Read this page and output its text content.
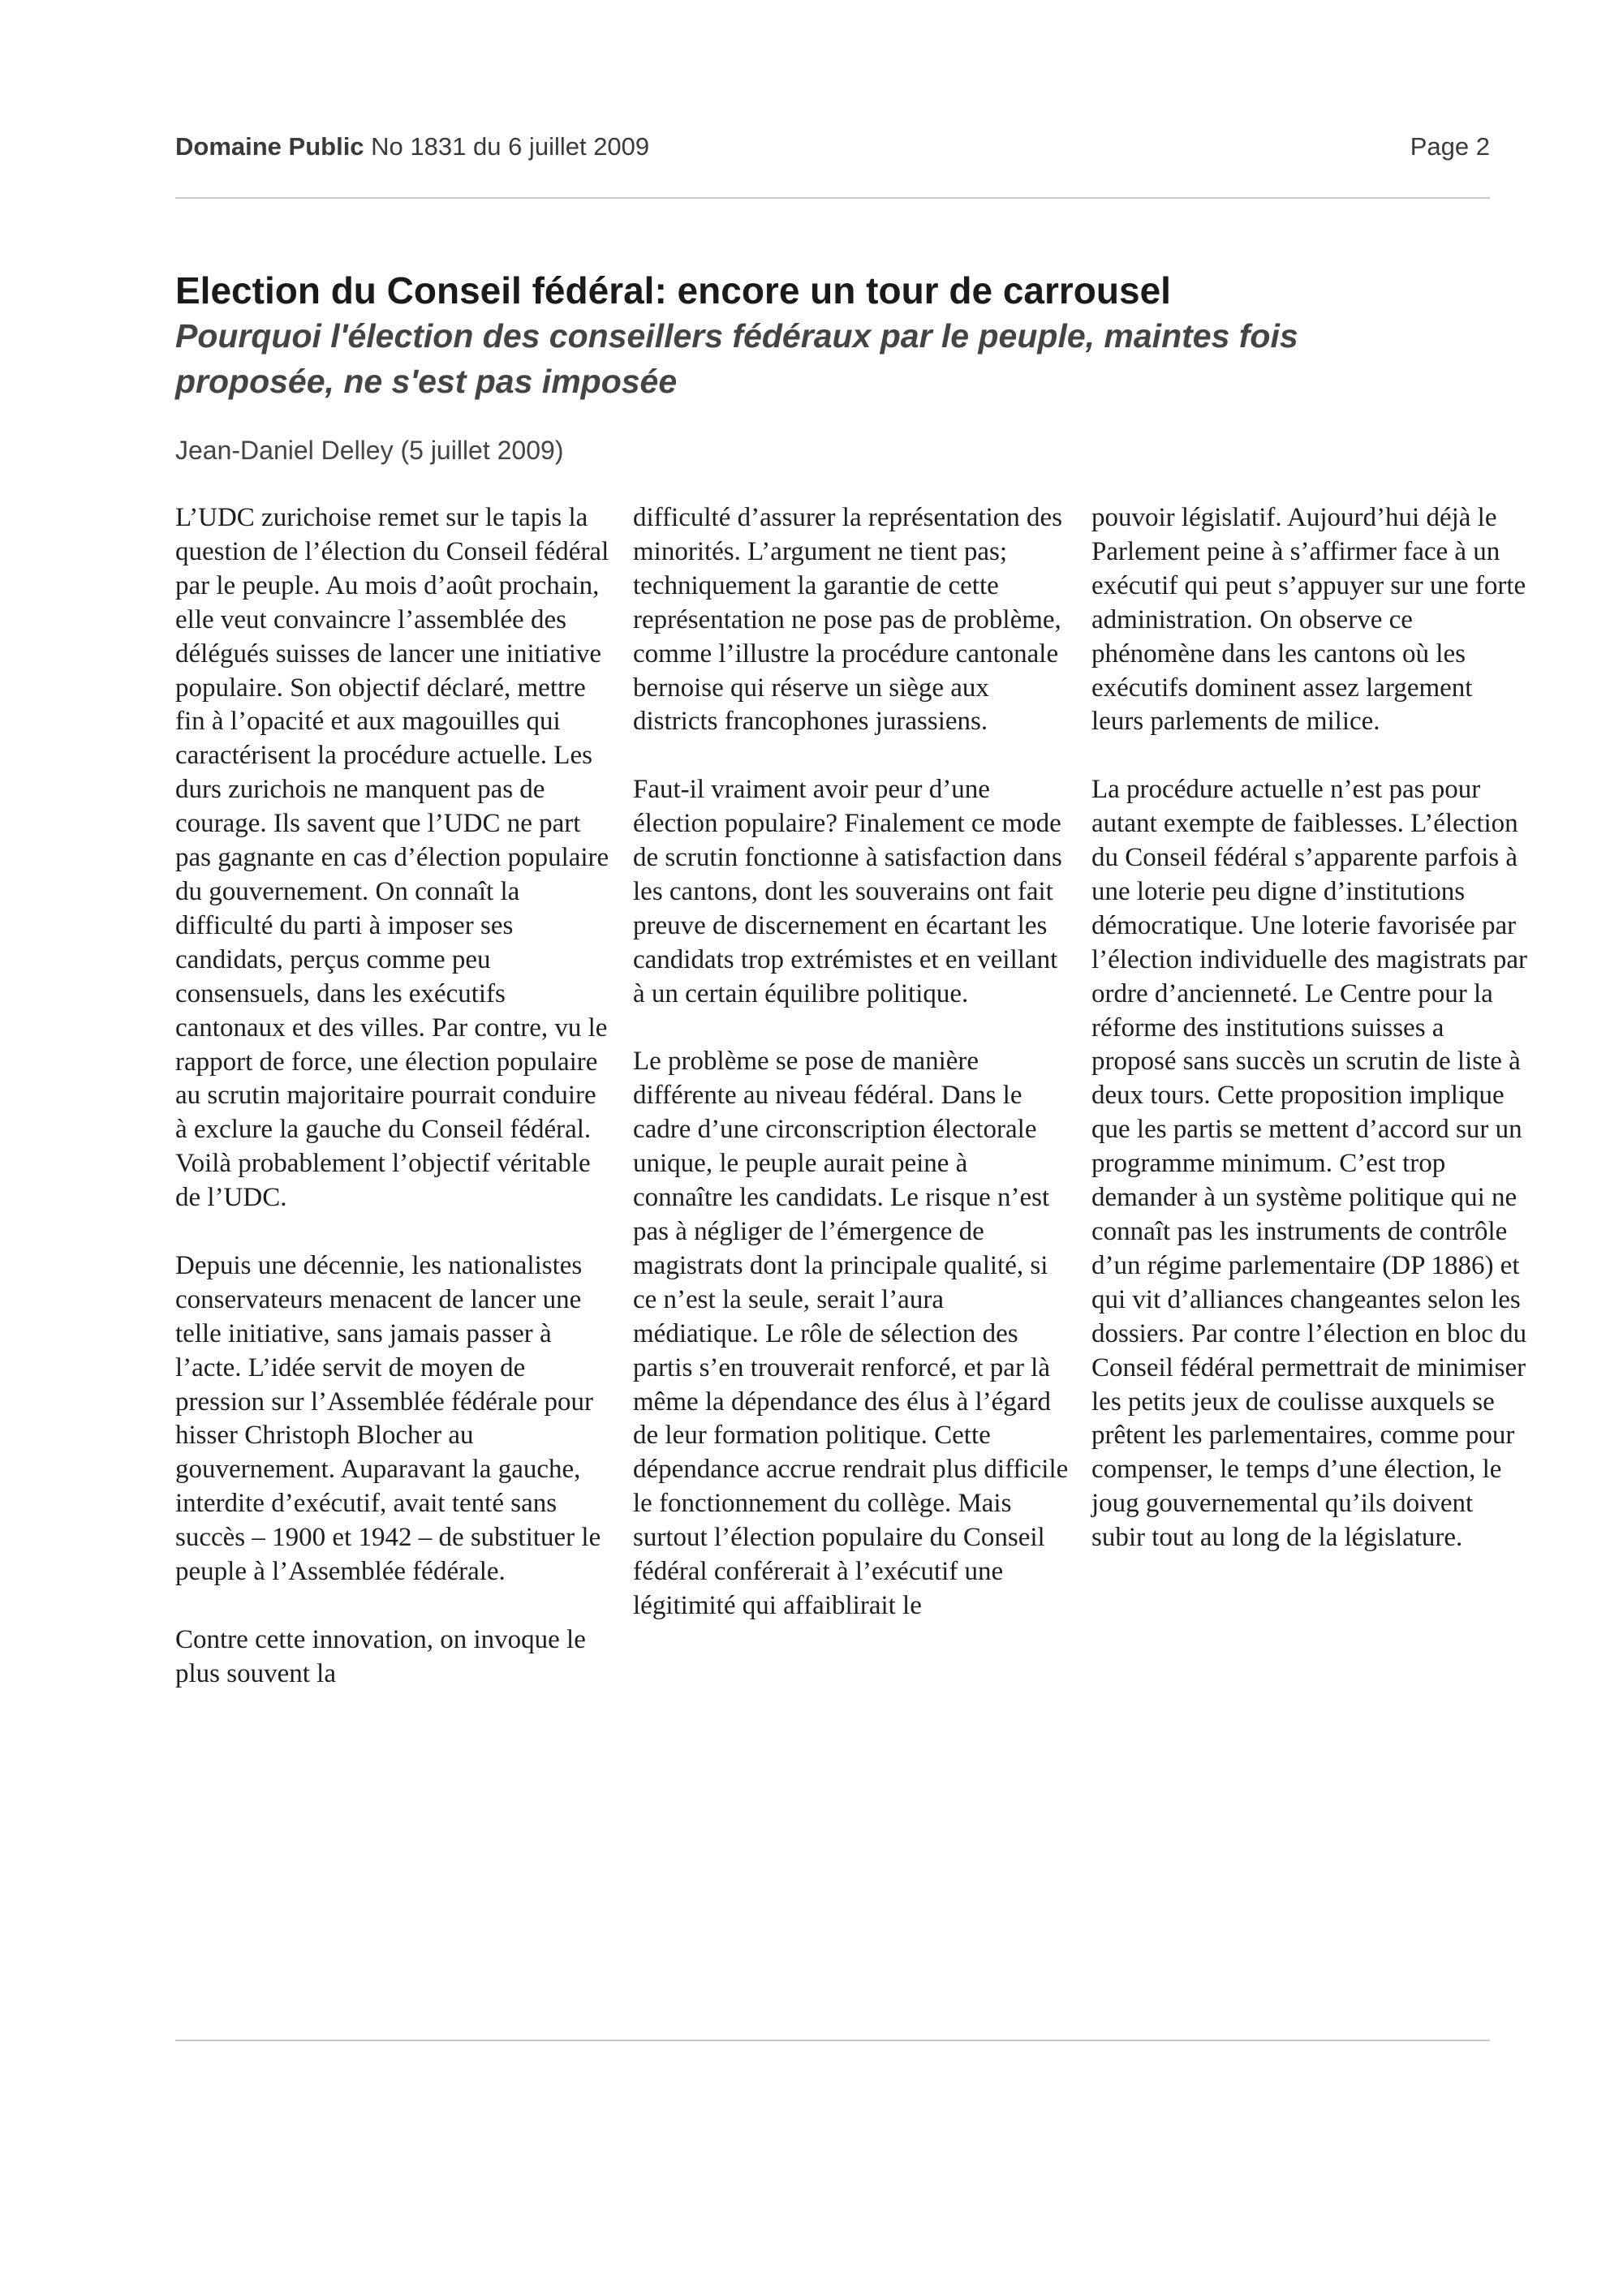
Domaine Public No 1831 du 6 juillet 2009	Page 2
Election du Conseil fédéral: encore un tour de carrousel
Pourquoi l'élection des conseillers fédéraux par le peuple, maintes fois proposée, ne s'est pas imposée
Jean-Daniel Delley (5 juillet 2009)

L’UDC zurichoise remet sur le tapis la question de l’élection du Conseil fédéral par le peuple. Au mois d’août prochain, elle veut convaincre l’assemblée des délégués suisses de lancer une initiative populaire. Son objectif déclaré, mettre fin à l’opacité et aux magouilles qui caractérisent la procédure actuelle. Les durs zurichois ne manquent pas de courage. Ils savent que l’UDC ne part pas gagnante en cas d’élection populaire du gouvernement. On connaît la difficulté du parti à imposer ses candidats, perçus comme peu consensuels, dans les exécutifs cantonaux et des villes. Par contre, vu le rapport de force, une élection populaire au scrutin majoritaire pourrait conduire à exclure la gauche du Conseil fédéral. Voilà probablement l’objectif véritable de l’UDC.

Depuis une décennie, les nationalistes conservateurs menacent de lancer une telle initiative, sans jamais passer à l’acte. L’idée servit de moyen de pression sur l’Assemblée fédérale pour hisser Christoph Blocher au gouvernement. Auparavant la gauche, interdite d’exécutif, avait tenté sans succès – 1900 et 1942 – de substituer le peuple à l’Assemblée fédérale.

Contre cette innovation, on invoque le plus souvent la

difficulté d’assurer la représentation des minorités. L’argument ne tient pas; techniquement la garantie de cette représentation ne pose pas de problème, comme l’illustre la procédure cantonale bernoise qui réserve un siège aux districts francophones jurassiens.

Faut-il vraiment avoir peur d’une élection populaire? Finalement ce mode de scrutin fonctionne à satisfaction dans les cantons, dont les souverains ont fait preuve de discernement en écartant les candidats trop extrémistes et en veillant à un certain équilibre politique.

Le problème se pose de manière différente au niveau fédéral. Dans le cadre d’une circonscription électorale unique, le peuple aurait peine à connaître les candidats. Le risque n’est pas à négliger de l’émergence de magistrats dont la principale qualité, si ce n’est la seule, serait l’aura médiatique. Le rôle de sélection des partis s’en trouverait renforcé, et par là même la dépendance des élus à l’égard de leur formation politique. Cette dépendance accrue rendrait plus difficile le fonctionnement du collège. Mais surtout l’élection populaire du Conseil fédéral conférerait à l’exécutif une légitimité qui affaiblirait le

pouvoir législatif. Aujourd’hui déjà le Parlement peine à s’affirmer face à un exécutif qui peut s’appuyer sur une forte administration. On observe ce phénomène dans les cantons où les exécutifs dominent assez largement leurs parlements de milice.

La procédure actuelle n’est pas pour autant exempte de faiblesses. L’élection du Conseil fédéral s’apparente parfois à une loterie peu digne d’institutions démocratique. Une loterie favorisée par l’élection individuelle des magistrats par ordre d’ancienneté. Le Centre pour la réforme des institutions suisses a proposé sans succès un scrutin de liste à deux tours. Cette proposition implique que les partis se mettent d’accord sur un programme minimum. C’est trop demander à un système politique qui ne connaît pas les instruments de contrôle d’un régime parlementaire (DP 1886) et qui vit d’alliances changeantes selon les dossiers. Par contre l’élection en bloc du Conseil fédéral permettrait de minimiser les petits jeux de coulisse auxquels se prêtent les parlementaires, comme pour compenser, le temps d’une élection, le joug gouvernemental qu’ils doivent subir tout au long de la législature.
